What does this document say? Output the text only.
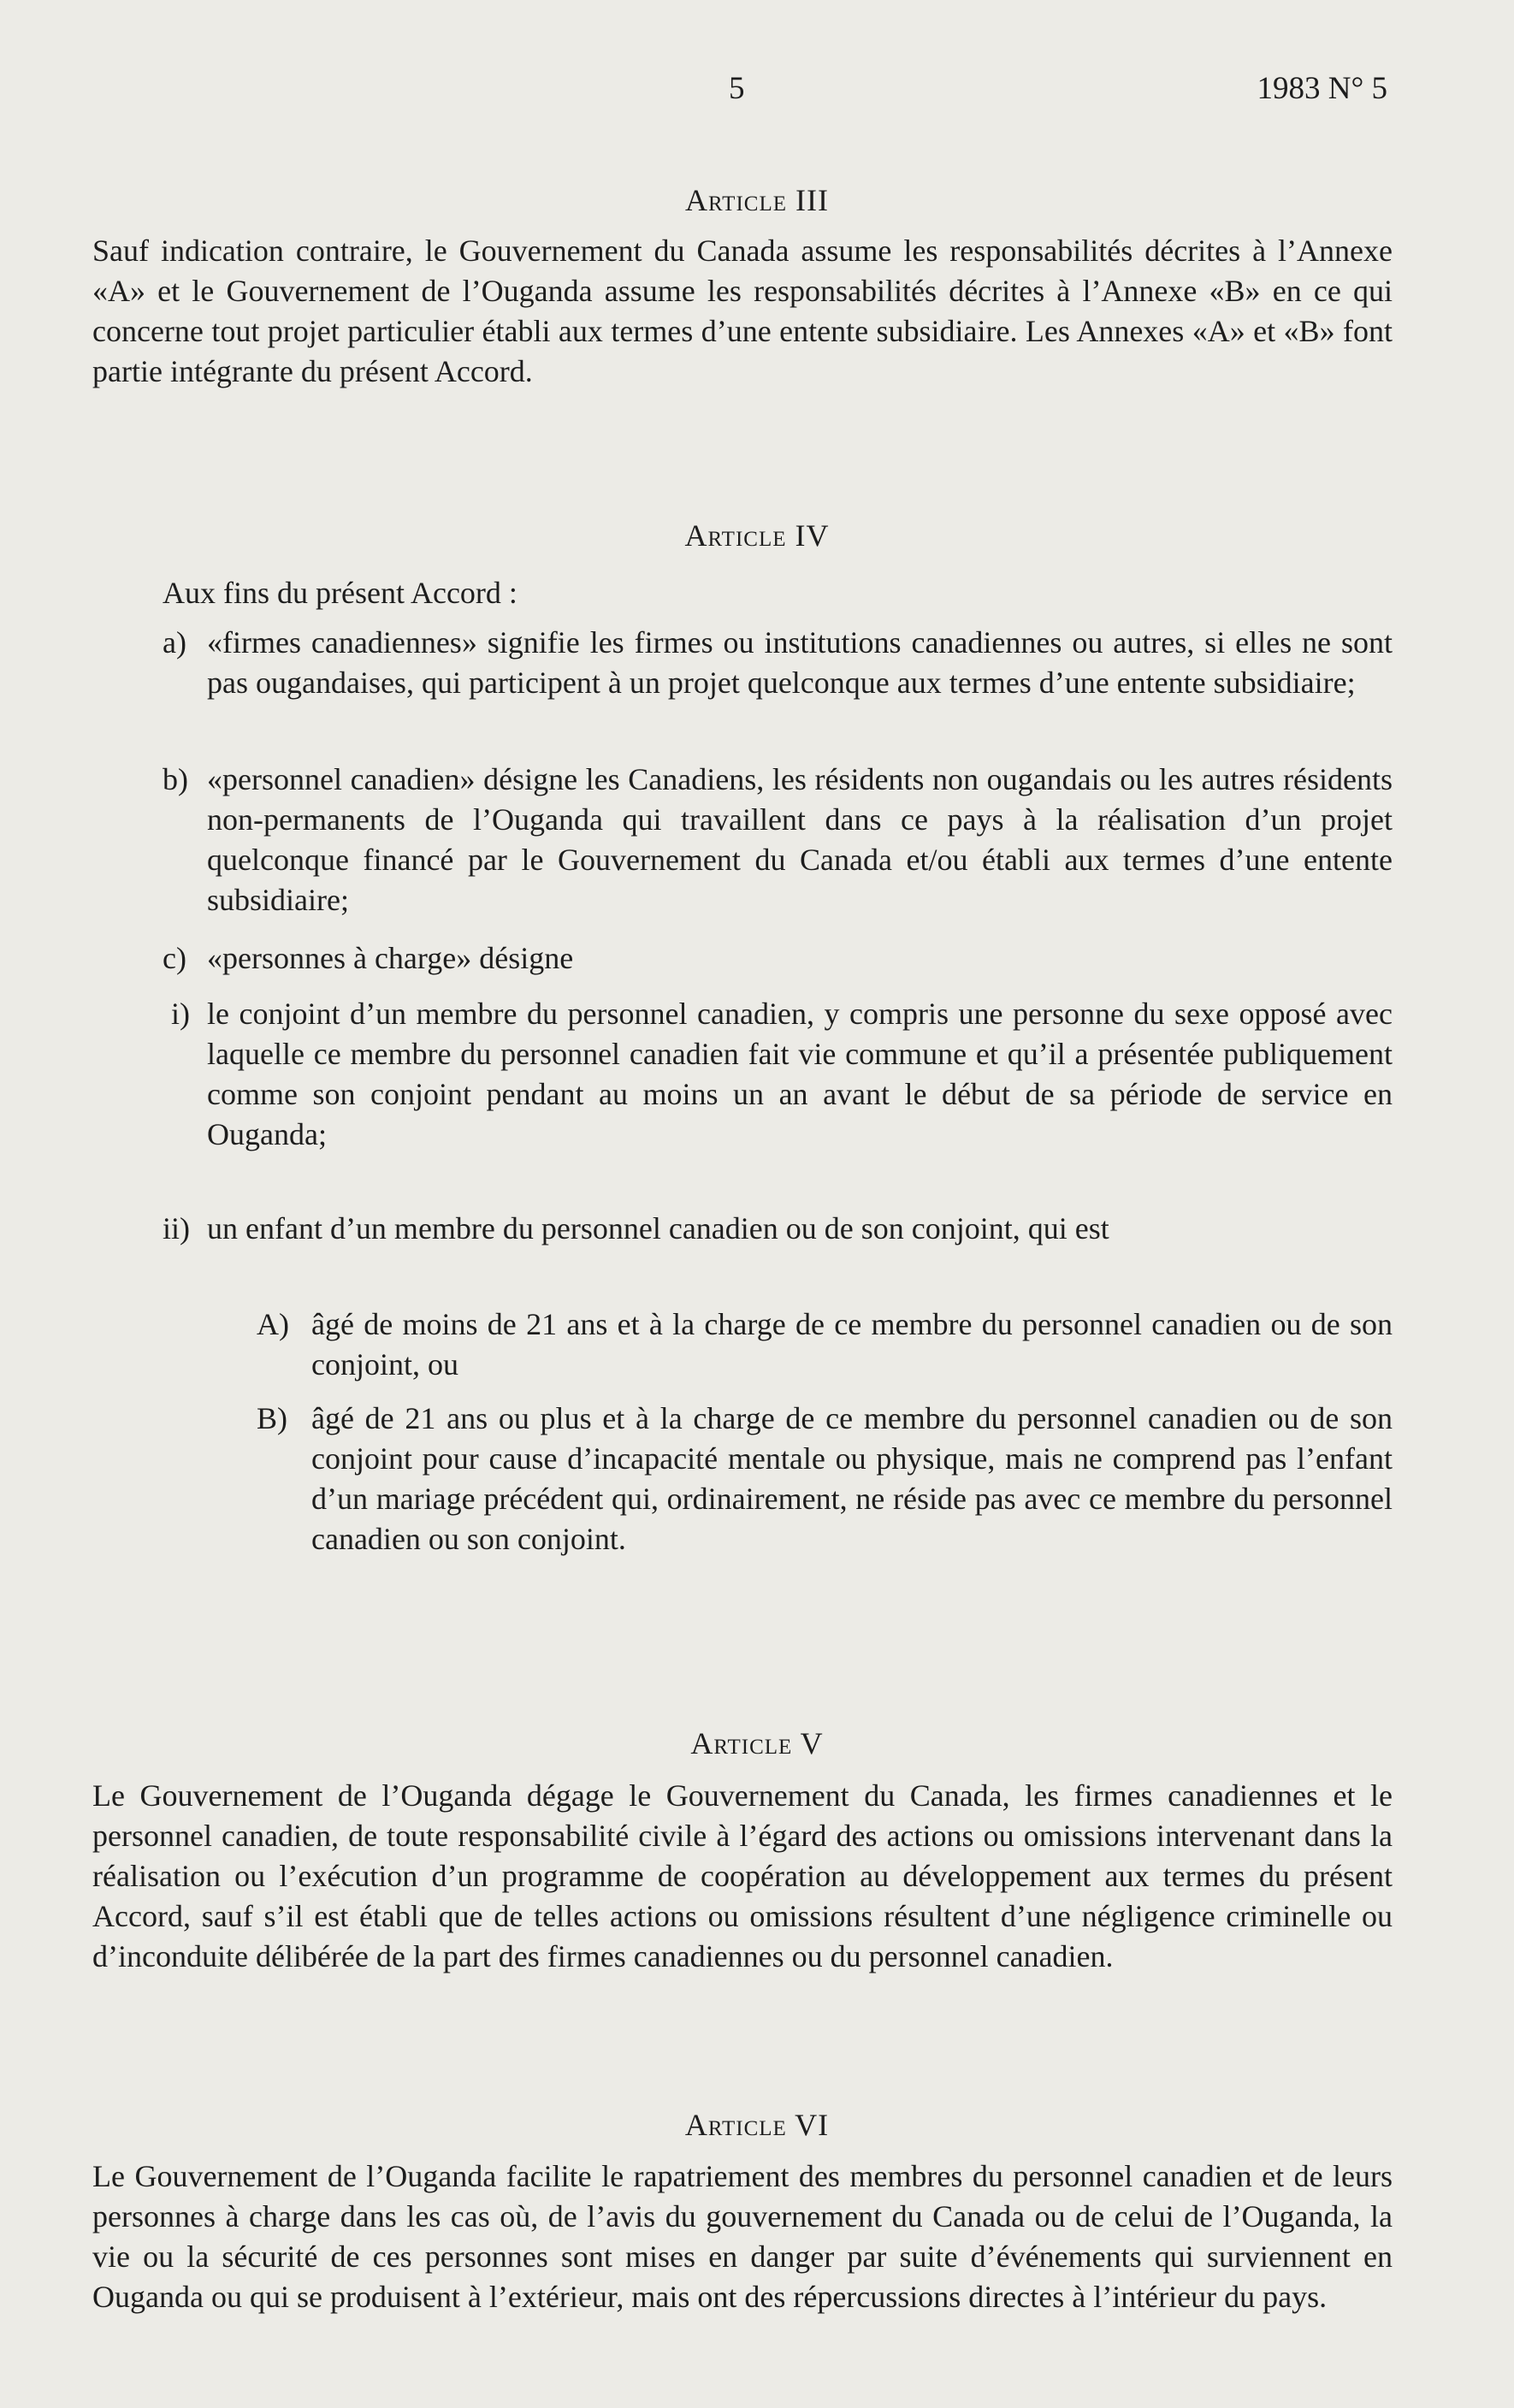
5	1983 N° 5
Article III

Sauf indication contraire, le Gouvernement du Canada assume les responsabilités décrites à l’Annexe «A» et le Gouvernement de l’Ouganda assume les responsabilités décrites à l’Annexe «B» en ce qui concerne tout projet particulier établi aux termes d’une entente subsidiaire. Les Annexes «A» et «B» font partie intégrante du présent Accord.

Article IV

Aux fins du présent Accord :

a) «firmes canadiennes» signifie les firmes ou institutions canadiennes ou autres, si elles ne sont pas ougandaises, qui participent à un projet quelconque aux termes d’une entente subsidiaire;
b) «personnel canadien» désigne les Canadiens, les résidents non ougandais ou les autres résidents non-permanents de l’Ouganda qui travaillent dans ce pays à la réalisation d’un projet quelconque financé par le Gouvernement du Canada et/ou établi aux termes d’une entente subsidiaire;
c) «personnes à charge» désigne
i) le conjoint d’un membre du personnel canadien, y compris une personne du sexe opposé avec laquelle ce membre du personnel canadien fait vie commune et qu’il a présentée publiquement comme son conjoint pendant au moins un an avant le début de sa période de service en Ouganda;
ii) un enfant d’un membre du personnel canadien ou de son conjoint, qui est
A) âgé de moins de 21 ans et à la charge de ce membre du personnel canadien ou de son conjoint, ou
B) âgé de 21 ans ou plus et à la charge de ce membre du personnel canadien ou de son conjoint pour cause d’incapacité mentale ou physique, mais ne comprend pas l’enfant d’un mariage précédent qui, ordinairement, ne réside pas avec ce membre du personnel canadien ou son conjoint.
Article V

Le Gouvernement de l’Ouganda dégage le Gouvernement du Canada, les firmes canadiennes et le personnel canadien, de toute responsabilité civile à l’égard des actions ou omissions intervenant dans la réalisation ou l’exécution d’un programme de coopération au développement aux termes du présent Accord, sauf s’il est établi que de telles actions ou omissions résultent d’une négligence criminelle ou d’inconduite délibérée de la part des firmes canadiennes ou du personnel canadien.

Article VI

Le Gouvernement de l’Ouganda facilite le rapatriement des membres du personnel canadien et de leurs personnes à charge dans les cas où, de l’avis du gouvernement du Canada ou de celui de l’Ouganda, la vie ou la sécurité de ces personnes sont mises en danger par suite d’événements qui surviennent en Ouganda ou qui se produisent à l’extérieur, mais ont des répercussions directes à l’intérieur du pays.
